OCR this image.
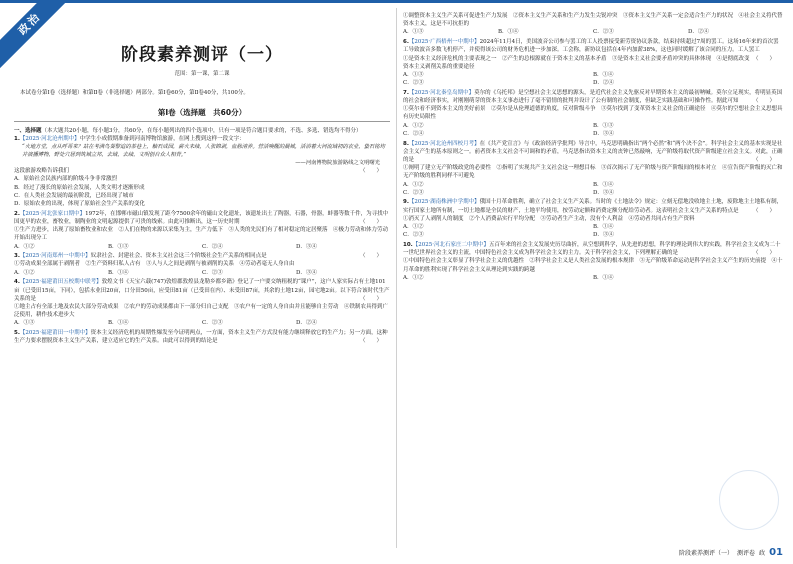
政治
阶段素养测评（一）
范围：第一课，第二课
本试卷分第Ⅰ卷（选择题）和第Ⅱ卷（非选择题）两部分。第Ⅰ卷60分，第Ⅱ卷40分，共100分。
第Ⅰ卷（选择题　共60分）
一、选择题（本大题共20小题，每小题3分，共60分，在每小题列出的四个选项中，只有一项是符合题目要求的，不选、多选、错选均不得分）
1.【2025·河北沧州期中】中学生小成假期准备到河南博物馆旅游，在网上搜到这样一段文字：
“火地方堂，点从呼哥来？站在考满鸟葵黎追的茶巷上，触石成园，薪火未续，人张锦剥，血脉清养。营活唤醒的晨城，活浴着大河流域初的农业，蛰石铭均并演播博物，野处穴居到筑城立邦，去域，去续，文明创自众人相背。”
——河南博物院旅游路线之文明曙光
这段旅游攻略告诉我们	（　　）
A．原始社会民族内部的阶级斗争非常激烈
B．经过了漫长的原始社会发展，人类文明才逐渐形成
C．在人类社会发展的最初阶段，已经出现了城市
D．原始农业的出现，体现了原始社会生产关系的变化
2.【2025·河北张家口期中】1972年，在邯郸市磁山镇发现了距今7500余年的磁山文化遗址，该遗址出土了陶器，石器，骨器，蚌器等数千件，为寻找中国更早的农业，畜牧业，制陶业的文明起源提供了可贵的线索。由此可推断出，这一历史时期	（　　）
①生产力进步，出现了原始畜牧业和农业　②人们在物的来源以采集为主，生产力低下　③人类的先民们有了相对稳定的定居聚落　④极力劳动和体力劳动开始出现分工
A．①②	B．①③	C．②④	D．③④
3.【2025·河南郑州一中期中】奴隶社会、封建社会、资本主义社会这三个阶级社会生产关系的相同点是	（　　）
①劳动成果全部属于剥削者　②生产资料归私人占有　③人与人之间是剥削与被剥削的关系　④劳动者毫无人身自由
A．①②	B．①④	C．②③	D．③④
4.【2025·福建莆田五校期中联考】敦煌文书《天宝六载(747)敦煌郡敦煌县龙勒乡都乡籍》登记了一户要交纳租税的“课户”，这户人家实际占有土地101亩（已受田15亩，下同），包括永业田20亩，口分田50亩，应受田81亩（已受田在内）、未受田87亩，其余的土地12亩，园宅地2亩。以下符合该时代生产关系的是	（　　）
①地主占有全部土地及农民大部分劳动成果　②农户的劳动成果都由下一部分归自己支配　③农户有一定的人身自由并且能够自主劳动　④铁制农具得到广泛使用，耕作技术进步大
A．①③	B．①④	C．②③	D．②④
5.【2025·福建莆田一中期中】资本主义经济危机的周期性爆发至今证明两点，一方面，资本主义生产方式没有能力继续释放它的生产力；另一方面，这种生产力要求摆脱资本主义生产关系，建立适应它的生产关系。由此可以得到的结论是	（　　）
①调整资本主义生产关系可促进生产力发展　②资本主义生产关系和生产力发生尖锐冲突　③资本主义生产关系一定会适合生产力的状况　④社会主义将代替资本主义，这是不可抗拒的
A．①③	B．①④	C．②③	D．②④
6.【2025·广西梧州一中期中】2024年11月4日，美国波音公司参与罢工的工人投票接受新劳资协议条款，结束持续超过7周的罢工。这场16年来的首次罢工导致波音多数飞机停产，并使得该公司的财务危机进一步加深。工会称，新协议包括在4年内加薪38%，这也同时缓解了该合同的压力。工人罢工
（　　）
①是资本主义经济危机的主要表现之一　②产生的总根源就在于资本主义的基本矛盾　③是资本主义社会要矛盾冲突的具体体现　④是彻底改变资本主义剥削关系的重要途径
A．①③	B．①④
C．②③	D．②④
7.【2025·河北秦皇岛期中】莫尔的《乌托邦》是空想社会主义思想的源头，是近代社会主义先驱反对早期资本主义的最初呐喊。莫尔立足现实，将明显英国的社会和经济事实，对刚刚萌芽的资本主义事态进行了毫不留情的批判并设计了公有制的社会制度，但缺乏实践基础和可操作性。据此可知	（　　）
①莫尔看不到资本主义的美好前景　②莫尔是从伦理道德的角度，反对阶级斗争　③莫尔找到了变革资本主义社会的正确途径　④莫尔的空想社会主义思想具有历史局限性
A．①②	B．①③
C．②④	D．③④
8.【2025·河北沧州四校月考】在《共产党宣言》与《政治经济学批判》导言中，马克思明确指出“两个必然”和“两个决不会”。科学社会主义的基本实现是社会主义产生的基本原则之一。前者资本主义社会不可调和的矛盾，马克思指出资本主义的丧钟已然敲响，无产阶级将取代资产阶级建立社会主义。对此，正确的是	（　　）
①阐明了建立无产阶级政党的必要性　②指明了实现共产主义社会这一理想目标　③首次揭示了无产阶级与资产阶级间的根本对立　④宣告资产阶级的灭亡和无产阶级的胜利同样不可避免
A．①②	B．①④
C．②③	D．③④
9.【2025·湖南株洲中学期中】俄国十月革命胜利，确立了社会主义生产关系。当时的《土地法令》规定：立刻无偿地没收地主土地，废除地主土地私有制，实行国家土地所有制，一切土地都是全民的财产，土地平均使用，按劳动定额和消费定额分配给劳动者。这表明社会主义生产关系的特点是	（　　）
①消灭了人剥削人的制度　②个人消费品实行平均分配　③劳动者生产主动，没有个人利益　④劳动者共同占有生产资料
A．①②	B．①④
C．②③	D．③④
10.【2025·河北石家庄二中期中】五百年来的社会主义发展史历尽曲折，从空想到科学，从先进的思想，科学的理论到伟大的实践，科学社会主义成为二十一世纪世界社会主义的主流，中国特色社会主义成为科学社会主义的主力。关于科学社会主义，下列理解正确的是	（　　）
①中国特色社会主义彰显了科学社会主义的优越性　②科学社会主义是人类社会发展的根本规律　③无产阶级革命运动是科学社会主义产生的历史前提　④十月革命的胜利实现了科学社会主义从理论到实践的跨越
A．①②	B．①④
阶段素养测评（一） 测评卷 政 01
